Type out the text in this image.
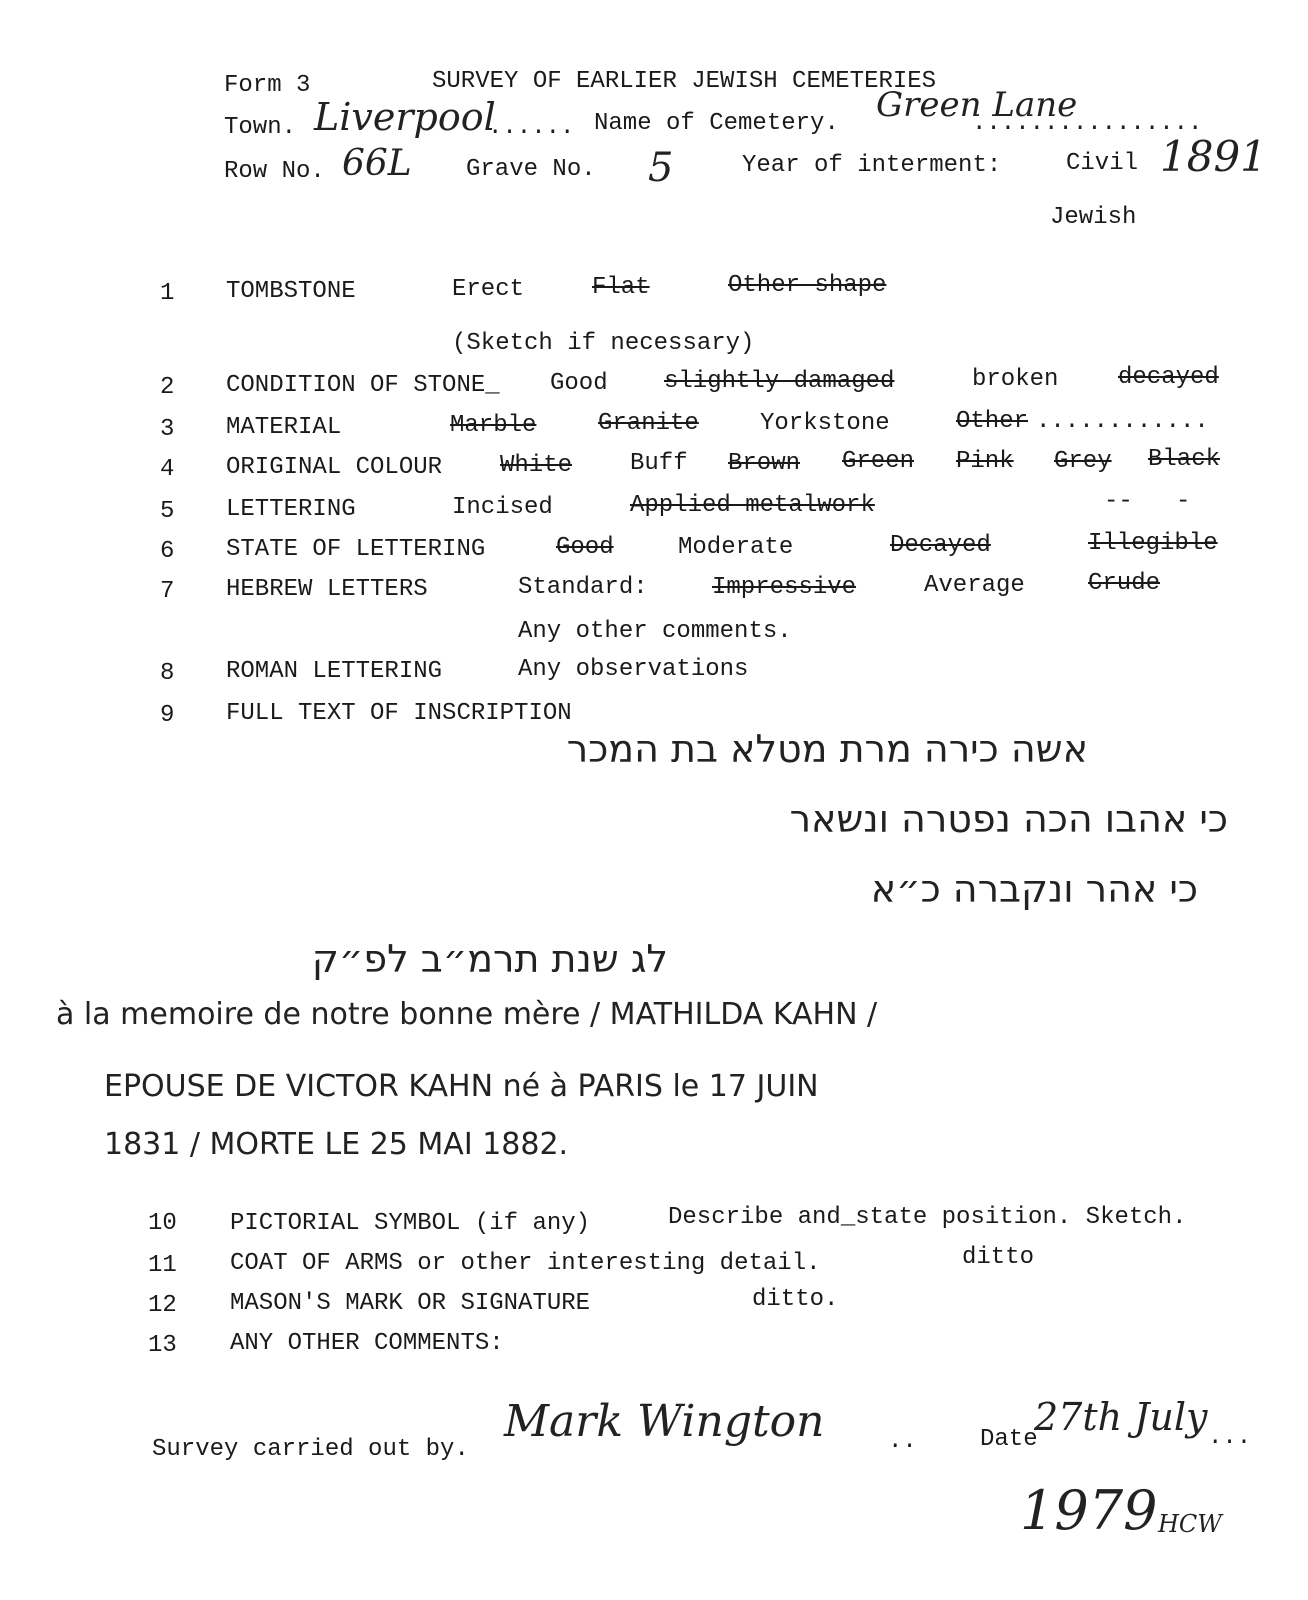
Form 3	SURVEY OF EARLIER JEWISH CEMETERIES
Town. Liverpool
...... Name of Cemetery. Green Lane
................
Row No. 66L Grave No. 5	Year of interment:	Civil 1891
Jewish
1	TOMBSTONE	Erect	Flat	Other shape
(Sketch if necessary)
2	CONDITION OF STONE_ Good slightly damaged	broken decayed
3	MATERIAL	Marble	Granite	Yorkstone	Other ............
4	ORIGINAL COLOUR White Buff Brown Green Pink Grey Black
5	LETTERING	Incised	Applied metalwork	--   -
6	STATE OF LETTERING	Good	Moderate	Decayed	Illegible
7	HEBREW LETTERS	Standard:	Impressive	Average	Crude
Any other comments.
8	ROMAN LETTERING	Any observations
9	FULL TEXT OF INSCRIPTION
אשה כירה מרת מטלא בת המכר
כי אהבו הכה נפטרה ונשאר
כי אהר ונקברה כ״א
לג שנת תרמ״ב לפ״ק
à la memoire de notre bonne mère / MATHILDA KAHN /
EPOUSE DE VICTOR KAHN né à PARIS le 17 JUIN
1831 / MORTE LE 25 MAI 1882.
10 PICTORIAL SYMBOL (if any)	Describe and_state position. Sketch.
11 COAT OF ARMS or other interesting detail.	ditto
12 MASON'S MARK OR SIGNATURE	ditto.
13 ANY OTHER COMMENTS:
Survey carried out by.
Mark Wington	..	Date
27th July ...
1979 HCW
